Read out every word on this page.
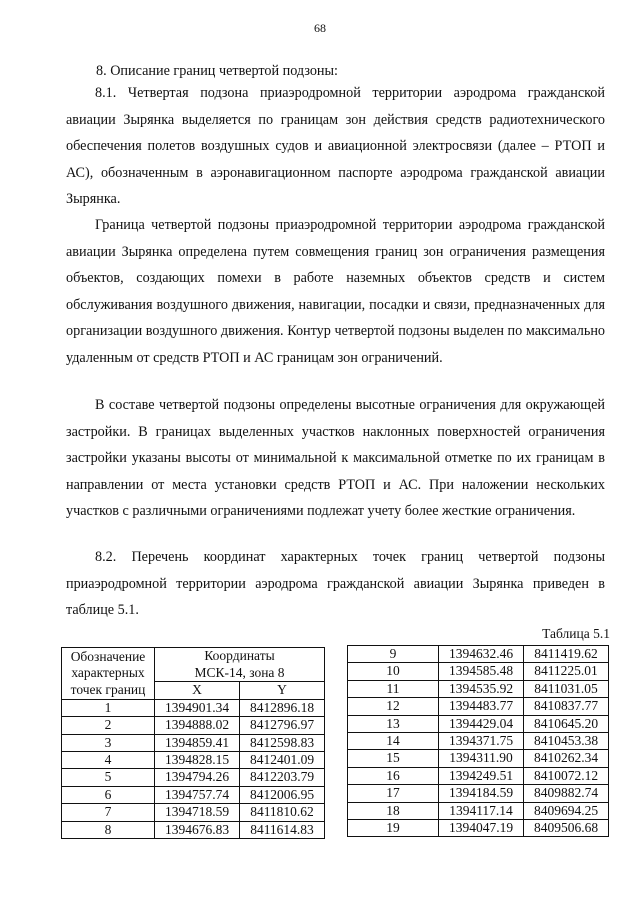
68
8. Описание границ четвертой подзоны:

8.1. Четвертая подзона приаэродромной территории аэродрома гражданской авиации Зырянка выделяется по границам зон действия средств радиотехнического обеспечения полетов воздушных судов и авиационной электросвязи (далее – РТОП и АС), обозначенным в аэронавигационном паспорте аэродрома гражданской авиации Зырянка.

Граница четвертой подзоны приаэродромной территории аэродрома гражданской авиации Зырянка определена путем совмещения границ зон ограничения размещения объектов, создающих помехи в работе наземных объектов средств и систем обслуживания воздушного движения, навигации, посадки и связи, предназначенных для организации воздушного движения. Контур четвертой подзоны выделен по максимально удаленным от средств РТОП и АС границам зон ограничений.

В составе четвертой подзоны определены высотные ограничения для окружающей застройки. В границах выделенных участков наклонных поверхностей ограничения застройки указаны высоты от минимальной к максимальной отметке по их границам в направлении от места установки средств РТОП и АС. При наложении нескольких участков с различными ограничениями подлежат учету более жесткие ограничения.

8.2. Перечень координат характерных точек границ четвертой подзоны приаэродромной территории аэродрома гражданской авиации Зырянка приведен в таблице 5.1.

Таблица 5.1
Обозначение
характерных
точек границ	Координаты
МСК-14, зона 8	
	X	Y
1	1394901.34	8412896.18
2	1394888.02	8412796.97
3	1394859.41	8412598.83
4	1394828.15	8412401.09
5	1394794.26	8412203.79
6	1394757.74	8412006.95
7	1394718.59	8411810.62
8	1394676.83	8411614.83
9	1394632.46	8411419.62
10	1394585.48	8411225.01
11	1394535.92	8411031.05
12	1394483.77	8410837.77
13	1394429.04	8410645.20
14	1394371.75	8410453.38
15	1394311.90	8410262.34
16	1394249.51	8410072.12
17	1394184.59	8409882.74
18	1394117.14	8409694.25
19	1394047.19	8409506.68
